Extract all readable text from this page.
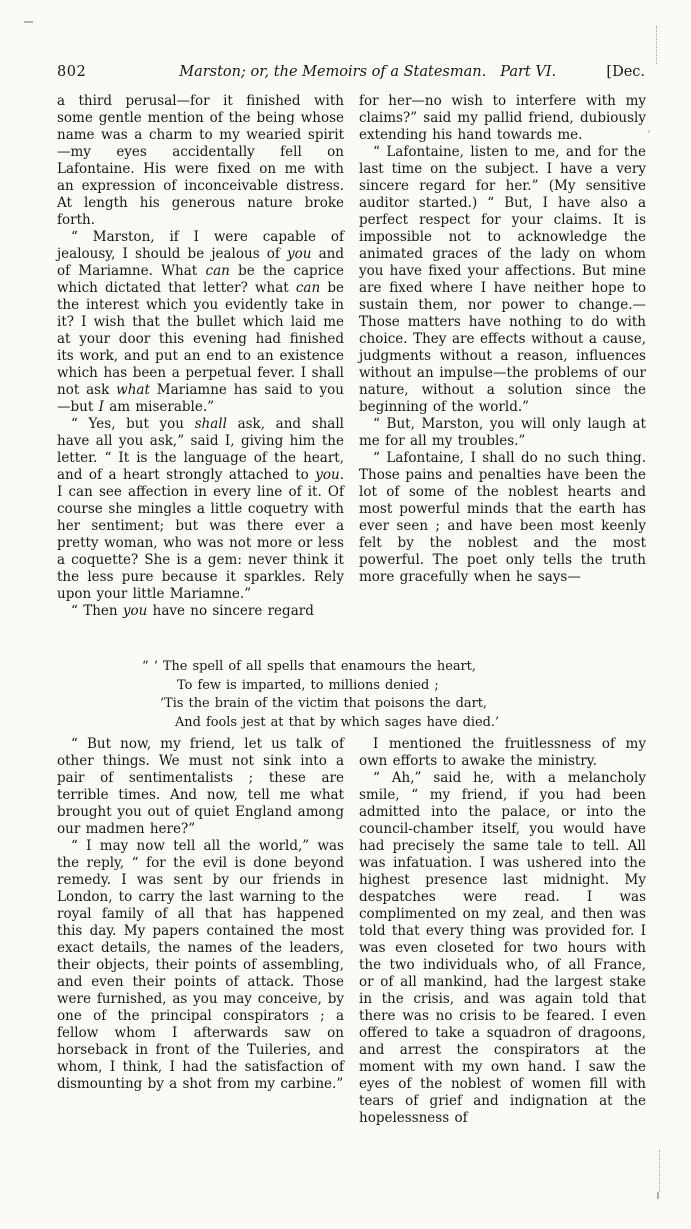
802	Marston; or, the Memoirs of a Statesman. Part VI.	[Dec.

a third perusal—for it finished with some gentle mention of the being whose name was a charm to my wearied spirit—my eyes accidentally fell on Lafontaine. His were fixed on me with an expression of inconceivable distress. At length his generous nature broke forth.

“ Marston, if I were capable of jealousy, I should be jealous of you and of Mariamne. What can be the caprice which dictated that letter? what can be the interest which you evidently take in it? I wish that the bullet which laid me at your door this evening had finished its work, and put an end to an existence which has been a perpetual fever. I shall not ask what Mariamne has said to you—but I am miserable.”

“ Yes, but you shall ask, and shall have all you ask,” said I, giving him the letter. “ It is the language of the heart, and of a heart strongly attached to you. I can see affection in every line of it. Of course she mingles a little coquetry with her sentiment; but was there ever a pretty woman, who was not more or less a coquette? She is a gem: never think it the less pure because it sparkles. Rely upon your little Mariamne.”

“ Then you have no sincere regard

for her—no wish to interfere with my claims?” said my pallid friend, dubiously extending his hand towards me.

“ Lafontaine, listen to me, and for the last time on the subject. I have a very sincere regard for her.” (My sensitive auditor started.) “ But, I have also a perfect respect for your claims. It is impossible not to acknowledge the animated graces of the lady on whom you have fixed your affections. But mine are fixed where I have neither hope to sustain them, nor power to change.—Those matters have nothing to do with choice. They are effects without a cause, judgments without a reason, influences without an impulse—the problems of our nature, without a solution since the beginning of the world.”

“ But, Marston, you will only laugh at me for all my troubles.”

“ Lafontaine, I shall do no such thing. Those pains and penalties have been the lot of some of the noblest hearts and most powerful minds that the earth has ever seen ; and have been most keenly felt by the noblest and the most powerful. The poet only tells the truth more gracefully when he says—

“ ‘ The spell of all spells that enamours the heart,
To few is imparted, to millions denied ;
’Tis the brain of the victim that poisons the dart,
And fools jest at that by which sages have died.’

“ But now, my friend, let us talk of other things. We must not sink into a pair of sentimentalists ; these are terrible times. And now, tell me what brought you out of quiet England among our madmen here?”

“ I may now tell all the world,” was the reply, “ for the evil is done beyond remedy. I was sent by our friends in London, to carry the last warning to the royal family of all that has happened this day. My papers contained the most exact details, the names of the leaders, their objects, their points of assembling, and even their points of attack. Those were furnished, as you may conceive, by one of the principal conspirators ; a fellow whom I afterwards saw on horseback in front of the Tuileries, and whom, I think, I had the satisfaction of dismounting by a shot from my carbine.”

I mentioned the fruitlessness of my own efforts to awake the ministry.

“ Ah,” said he, with a melancholy smile, “ my friend, if you had been admitted into the palace, or into the council-chamber itself, you would have had precisely the same tale to tell. All was infatuation. I was ushered into the highest presence last midnight. My despatches were read. I was complimented on my zeal, and then was told that every thing was provided for. I was even closeted for two hours with the two individuals who, of all France, or of all mankind, had the largest stake in the crisis, and was again told that there was no crisis to be feared. I even offered to take a squadron of dragoons, and arrest the conspirators at the moment with my own hand. I saw the eyes of the noblest of women fill with tears of grief and indignation at the hopelessness of
